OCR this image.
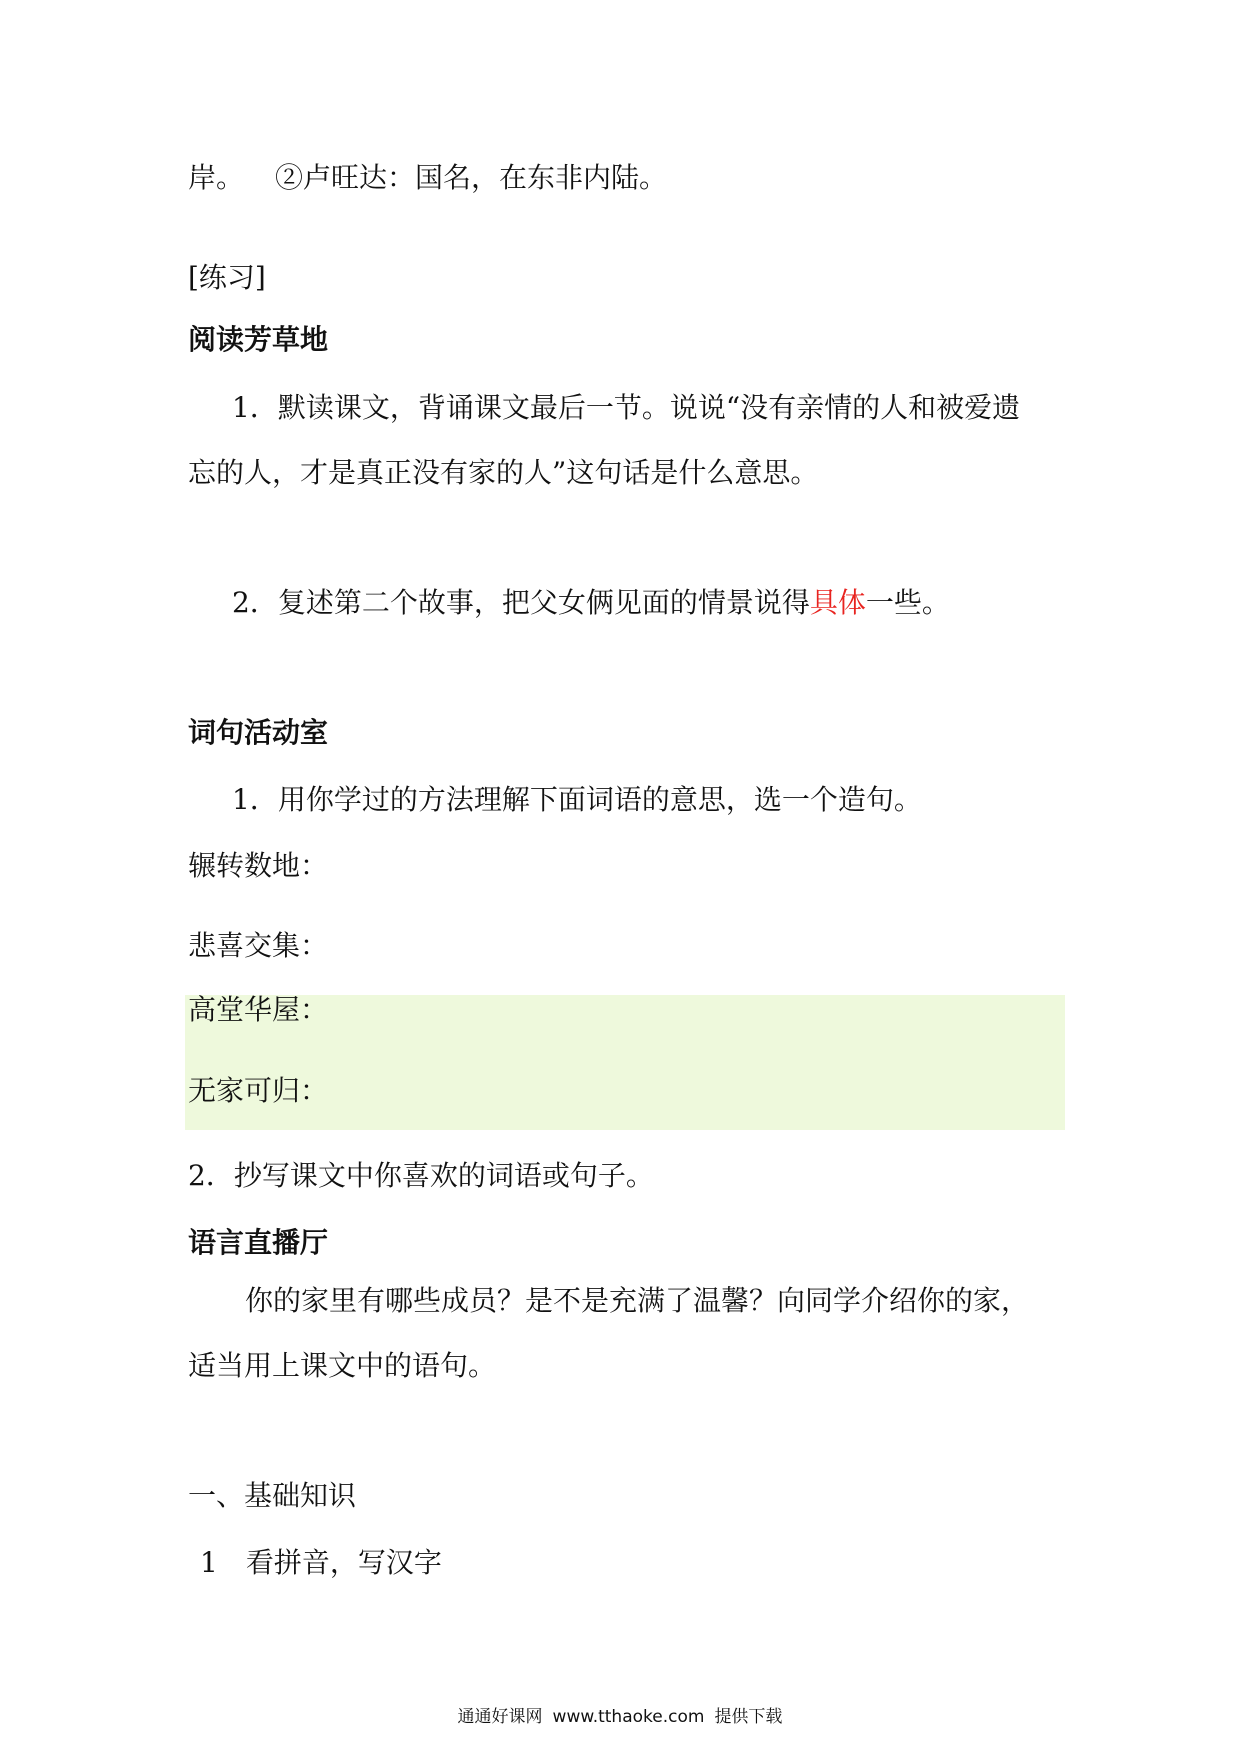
岸。 ②卢旺达：国名，在东非内陆。
[练习]
阅读芳草地
1．默读课文，背诵课文最后一节。说说“没有亲情的人和被爱遗
忘的人，才是真正没有家的人”这句话是什么意思。
2．复述第二个故事，把父女俩见面的情景说得具体一些。
词句活动室
1．用你学过的方法理解下面词语的意思，选一个造句。
辗转数地：
悲喜交集：
高堂华屋：
无家可归：
2．抄写课文中你喜欢的词语或句子。
语言直播厅
你的家里有哪些成员？是不是充满了温馨？向同学介绍你的家，
适当用上课文中的语句。
一、基础知识
1　看拼音，写汉字
通通好课网 www.tthaoke.com 提供下载
